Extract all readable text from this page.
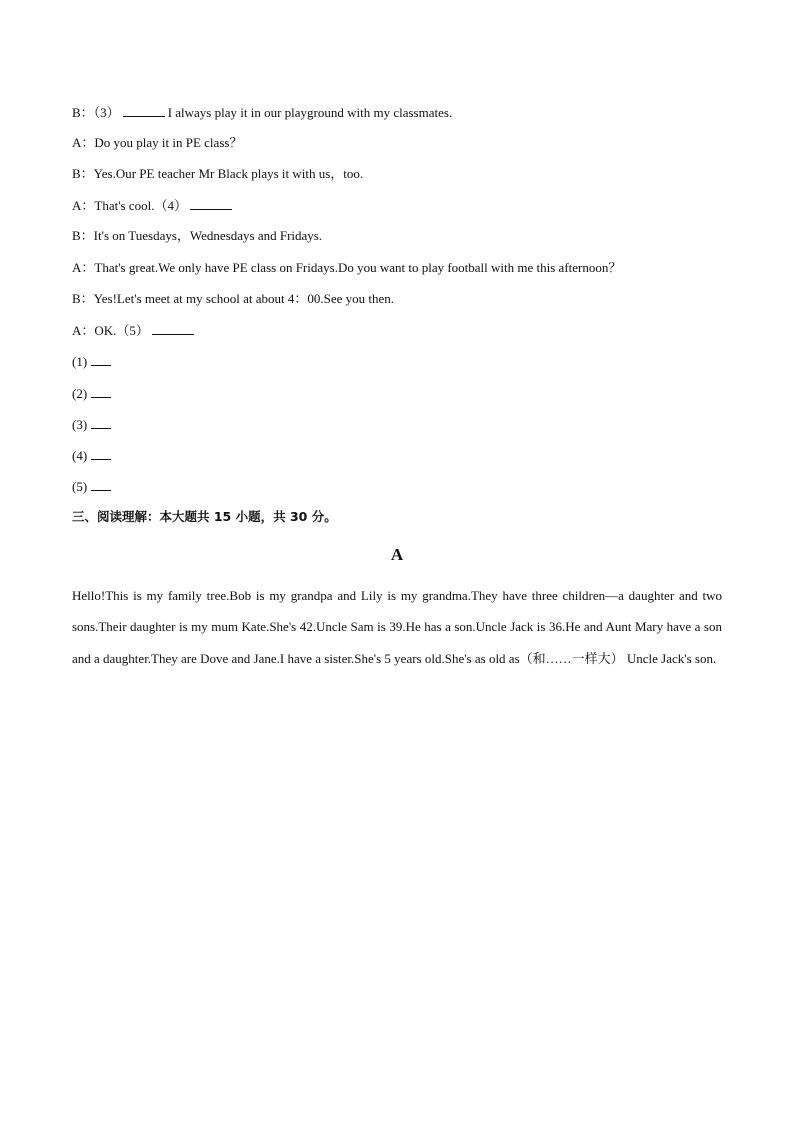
B：（3）	I always play it in our playground with my classmates.
A：Do you play it in PE class？
B：Yes.Our PE teacher Mr Black plays it with us，too.
A：That's cool.（4）
B：It's on Tuesdays，Wednesdays and Fridays.
A：That's great.We only have PE class on Fridays.Do you want to play football with me this afternoon？
B：Yes!Let's meet at my school at about 4：00.See you then.
A：OK.（5）
(1)
(2)
(3)
(4)
(5)
三、阅读理解：本大题共 15 小题，共 30 分。
A
Hello!This is my family tree.Bob is my grandpa and Lily is my grandma.They have three children—a daughter and two sons.Their daughter is my mum Kate.She's 42.Uncle Sam is 39.He has a son.Uncle Jack is 36.He and Aunt Mary have a son and a daughter.They are Dove and Jane.I have a sister.She's 5 years old.She's as old as（和……一样大） Uncle Jack's son.
